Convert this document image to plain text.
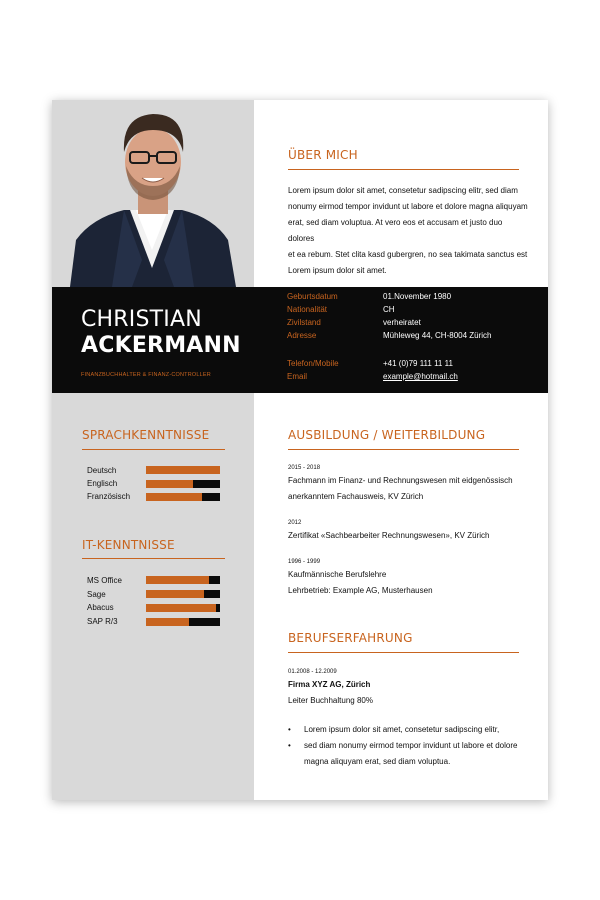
CHRISTIAN
ACKERMANN
FINANZBUCHHALTER & FINANZ-CONTROLLER
Geburtsdatum	01.November 1980
Nationalität	CH
Zivilstand	verheiratet
Adresse	Mühleweg 44, CH-8004 Zürich
Telefon/Mobile	+41 (0)79 111 11 11
Email	example@hotmail.ch
ÜBER MICH
Lorem ipsum dolor sit amet, consetetur sadipscing elitr, sed diam
nonumy eirmod tempor invidunt ut labore et dolore magna aliquyam
erat, sed diam voluptua. At vero eos et accusam et justo duo dolores
et ea rebum. Stet clita kasd gubergren, no sea takimata sanctus est
Lorem ipsum dolor sit amet.
SPRACHKENNTNISSE
Deutsch
Englisch
Französisch
IT-KENNTNISSE
MS Office
Sage
Abacus
SAP R/3
AUSBILDUNG / WEITERBILDUNG
2015 - 2018
Fachmann im Finanz- und Rechnungswesen mit eidgenössisch
anerkanntem Fachausweis, KV Zürich
2012
Zertifikat «Sachbearbeiter Rechnungswesen», KV Zürich
1996 - 1999
Kaufmännische Berufslehre
Lehrbetrieb: Example AG, Musterhausen
BERUFSERFAHRUNG
01.2008 - 12.2009
Firma XYZ AG, Zürich
Leiter Buchhaltung 80%
• Lorem ipsum dolor sit amet, consetetur sadipscing elitr,
• sed diam nonumy eirmod tempor invidunt ut labore et dolore magna aliquyam erat, sed diam voluptua.
